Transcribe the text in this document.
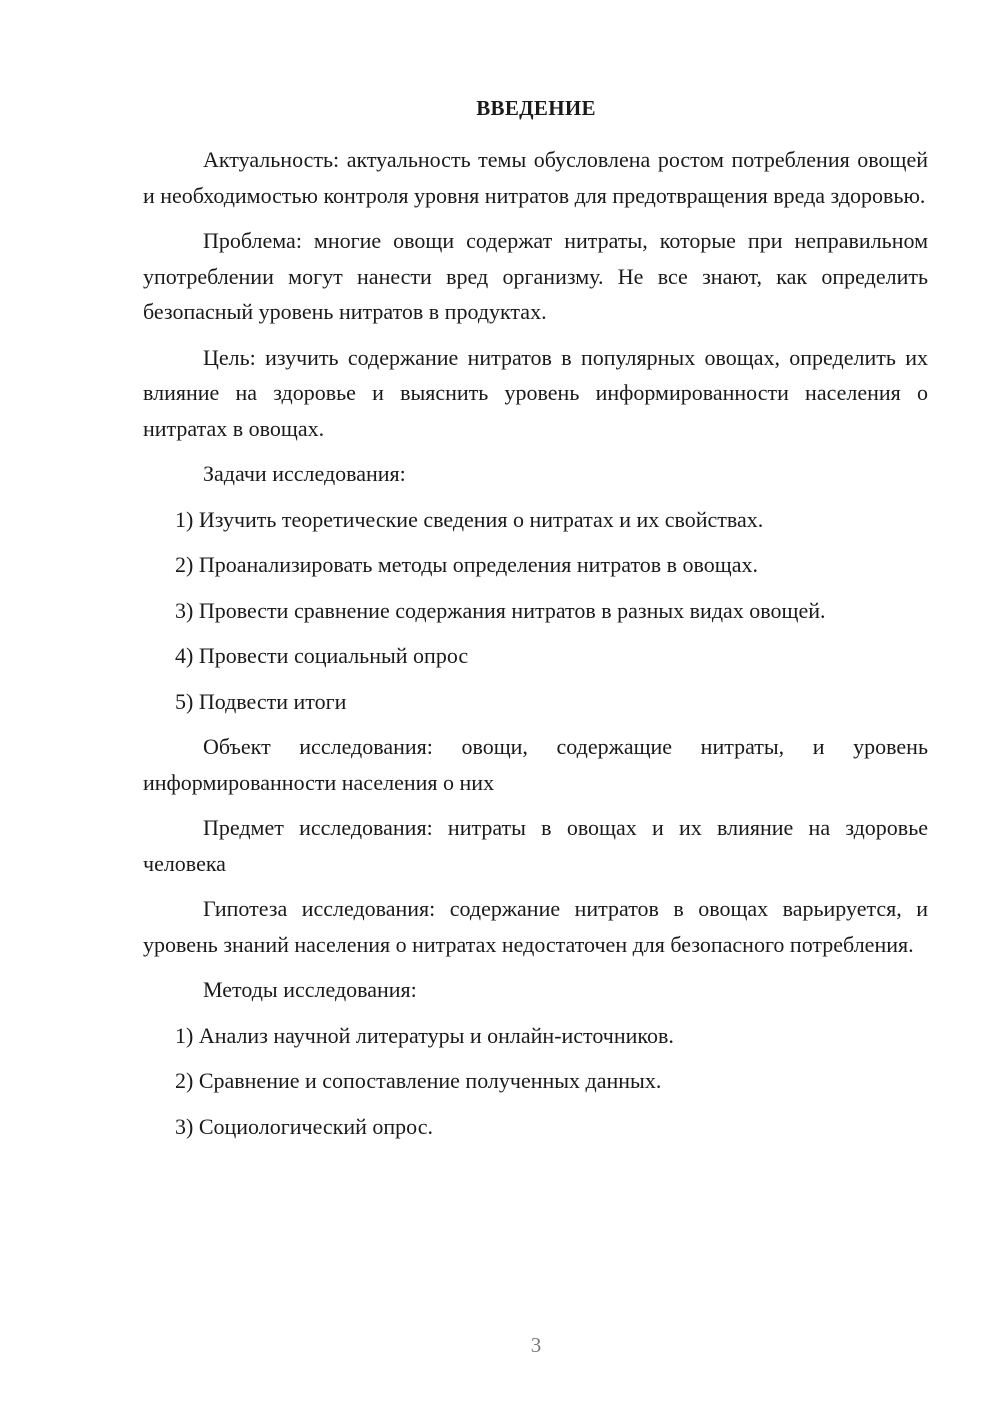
ВВЕДЕНИЕ

Актуальность: актуальность темы обусловлена ростом потребления овощей и необходимостью контроля уровня нитратов для предотвращения вреда здоровью.

Проблема: многие овощи содержат нитраты, которые при неправильном употреблении могут нанести вред организму. Не все знают, как определить безопасный уровень нитратов в продуктах.

Цель: изучить содержание нитратов в популярных овощах, определить их влияние на здоровье и выяснить уровень информированности населения о нитратах в овощах.

Задачи исследования:

1) Изучить теоретические сведения о нитратах и их свойствах.

2) Проанализировать методы определения нитратов в овощах.

3) Провести сравнение содержания нитратов в разных видах овощей.

4) Провести социальный опрос

5) Подвести итоги

Объект исследования: овощи, содержащие нитраты, и уровень информированности населения о них

Предмет исследования: нитраты в овощах и их влияние на здоровье человека

Гипотеза исследования: содержание нитратов в овощах варьируется, и уровень знаний населения о нитратах недостаточен для безопасного потребления.

Методы исследования:

1) Анализ научной литературы и онлайн-источников.

2) Сравнение и сопоставление полученных данных.

3) Социологический опрос.

3
